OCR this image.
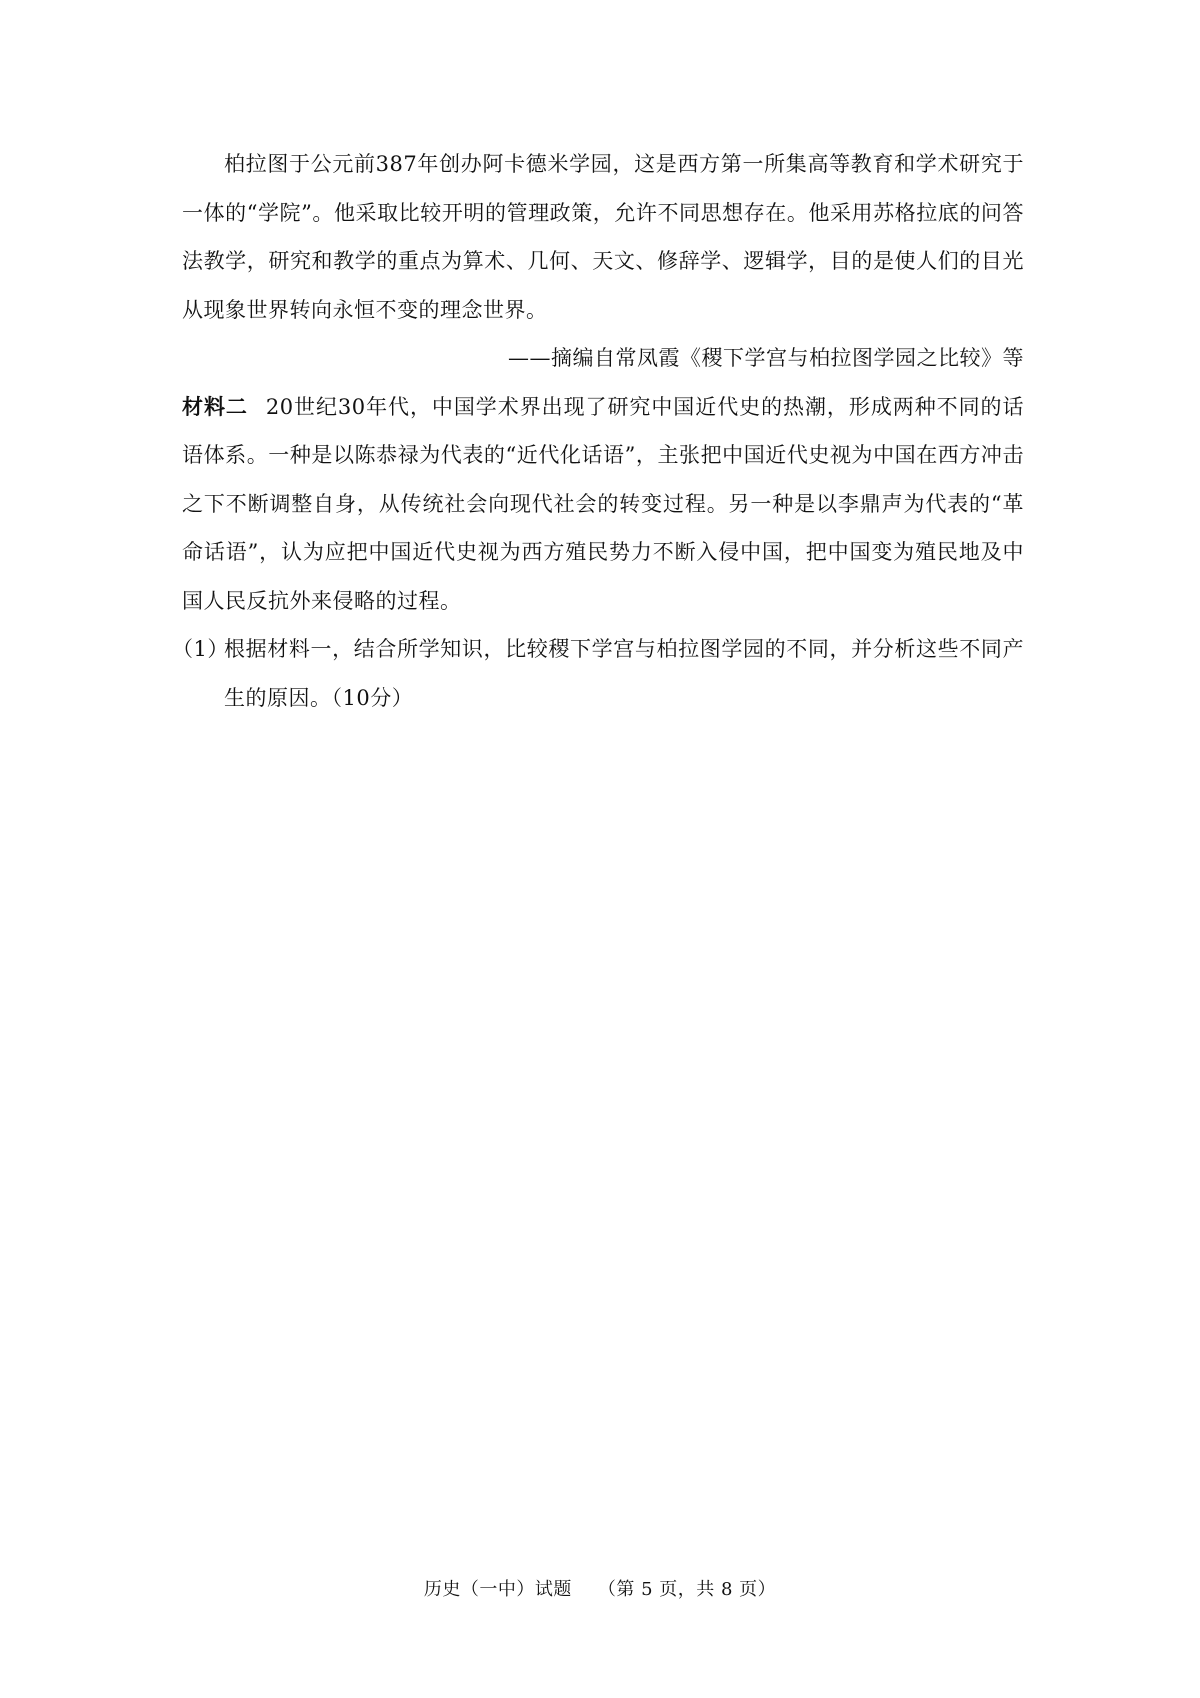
柏拉图于公元前387年创办阿卡德米学园，这是西方第一所集高等教育和学术研究于一体的“学院”。他采取比较开明的管理政策，允许不同思想存在。他采用苏格拉底的问答法教学，研究和教学的重点为算术、几何、天文、修辞学、逻辑学，目的是使人们的目光从现象世界转向永恒不变的理念世界。

——摘编自常凤霞《稷下学宫与柏拉图学园之比较》等

材料二 20世纪30年代，中国学术界出现了研究中国近代史的热潮，形成两种不同的话语体系。一种是以陈恭禄为代表的“近代化话语”，主张把中国近代史视为中国在西方冲击之下不断调整自身，从传统社会向现代社会的转变过程。另一种是以李鼎声为代表的“革命话语”，认为应把中国近代史视为西方殖民势力不断入侵中国，把中国变为殖民地及中国人民反抗外来侵略的过程。

（1）
根据材料一，结合所学知识，比较稷下学宫与柏拉图学园的不同，并分析这些不同产生的原因。（10分）
历史（一中）试题 （第 5 页，共 8 页）
